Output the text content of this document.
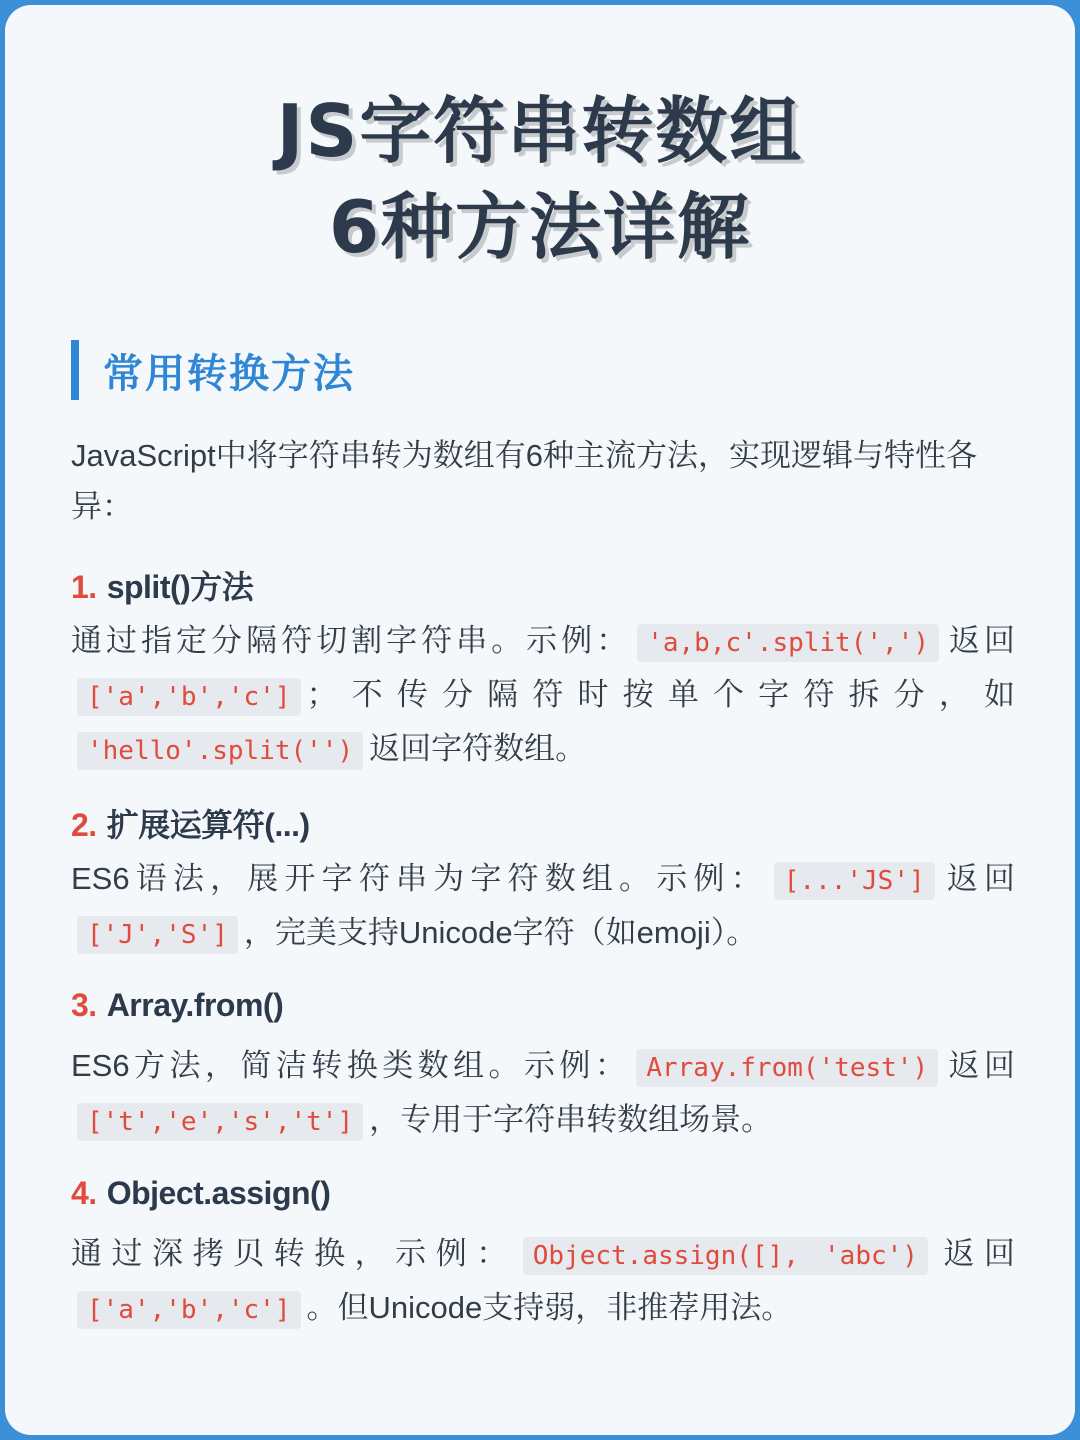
JS字符串转数组
6种方法详解
常用转换方法
JavaScript中将字符串转为数组有6种主流方法，实现逻辑与特性各异：
1. split()方法
通过指定分隔符切割字符串。示例： 'a,b,c'.split(',') 返回 ['a','b','c'] ；不传分隔符时按单个字符拆分，如 'hello'.split('') 返回字符数组。
2. 扩展运算符(...)
ES6语法，展开字符串为字符数组。示例： [...'JS'] 返回 ['J','S'] ，完美支持Unicode字符（如emoji）。
3. Array.from()
ES6方法，简洁转换类数组。示例： Array.from('test') 返回 ['t','e','s','t'] ，专用于字符串转数组场景。
4. Object.assign()
通过深拷贝转换，示例： Object.assign([], 'abc') 返回 ['a','b','c'] 。但Unicode支持弱，非推荐用法。
